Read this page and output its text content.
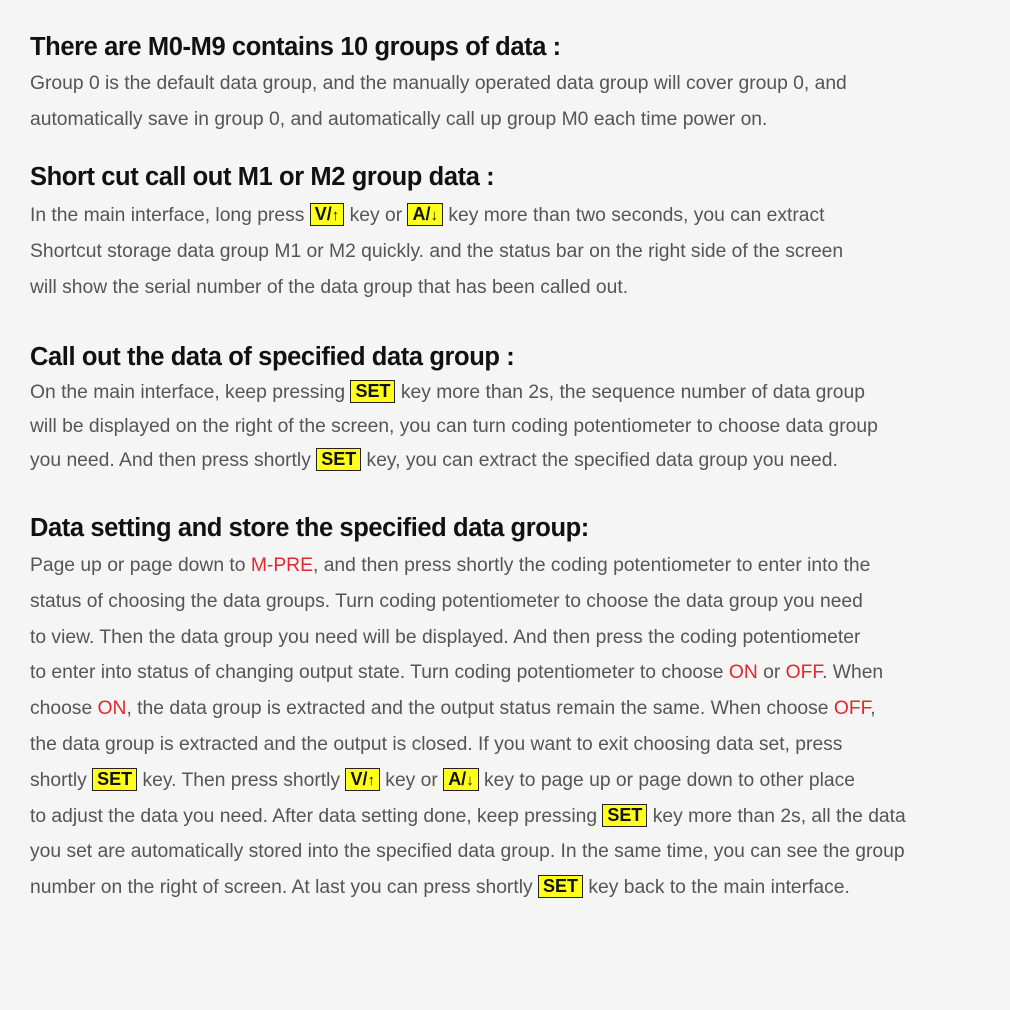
There are M0-M9 contains 10 groups of data :
Group 0 is the default data group, and the manually operated data group will cover group 0, and
automatically save in group 0, and automatically call up group M0 each time power on.
Short cut call out M1 or M2 group data :
In the main interface, long press V/↑ key or A/↓ key more than two seconds, you can extract
Shortcut storage data group M1 or M2 quickly. and the status bar on the right side of the screen
will show the serial number of the data group that has been called out.
Call out the data of specified data group :
On the main interface, keep pressing SET key more than 2s, the sequence number of data group
will be displayed on the right of the screen, you can turn coding potentiometer to choose data group
you need. And then press shortly SET key, you can extract the specified data group you need.
Data setting and store the specified data group:
Page up or page down to M-PRE, and then press shortly the coding potentiometer to enter into the
status of choosing the data groups. Turn coding potentiometer to choose the data group you need
to view. Then the data group you need will be displayed. And then press the coding potentiometer
to enter into status of changing output state. Turn coding potentiometer to choose ON or OFF. When
choose ON, the data group is extracted and the output status remain the same. When choose OFF,
the data group is extracted and the output is closed. If you want to exit choosing data set, press
shortly SET key. Then press shortly V/↑ key or A/↓ key to page up or page down to other place
to adjust the data you need. After data setting done, keep pressing SET key more than 2s, all the data
you set are automatically stored into the specified data group. In the same time, you can see the group
number on the right of screen. At last you can press shortly SET key back to the main interface.
